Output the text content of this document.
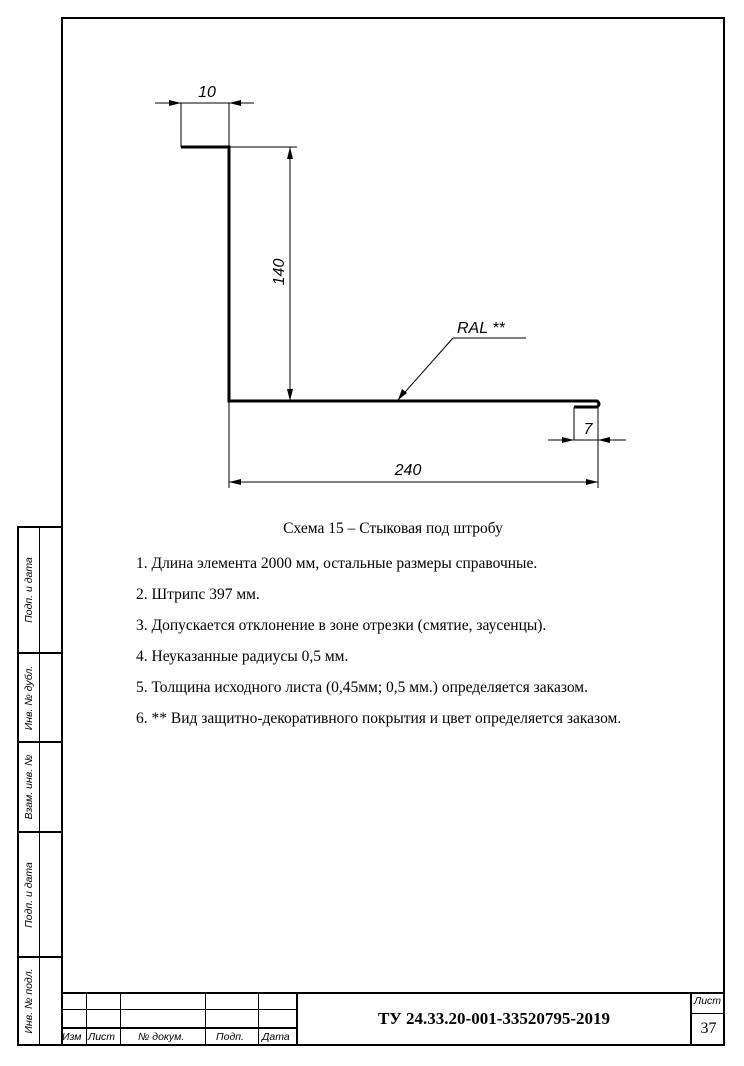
10
140
240
7
RAL **
Схема 15 – Стыковая под штробу
1. Длина элемента 2000 мм, остальные размеры справочные.
2. Штрипс 397 мм.
3. Допускается отклонение в зоне отрезки (смятие, заусенцы).
4. Неуказанные радиусы 0,5 мм.
5. Толщина исходного листа (0,45мм; 0,5 мм.) определяется заказом.
6. ** Вид защитно-декоративного покрытия и цвет определяется заказом.
Подп. и дата
Инв. № дубл.
Взам. инв. №
Подп. и дата
Инв. № подл.
Изм Лист № докум.	Подп. Дата
ТУ 24.33.20-001-33520795-2019
Лист
37
